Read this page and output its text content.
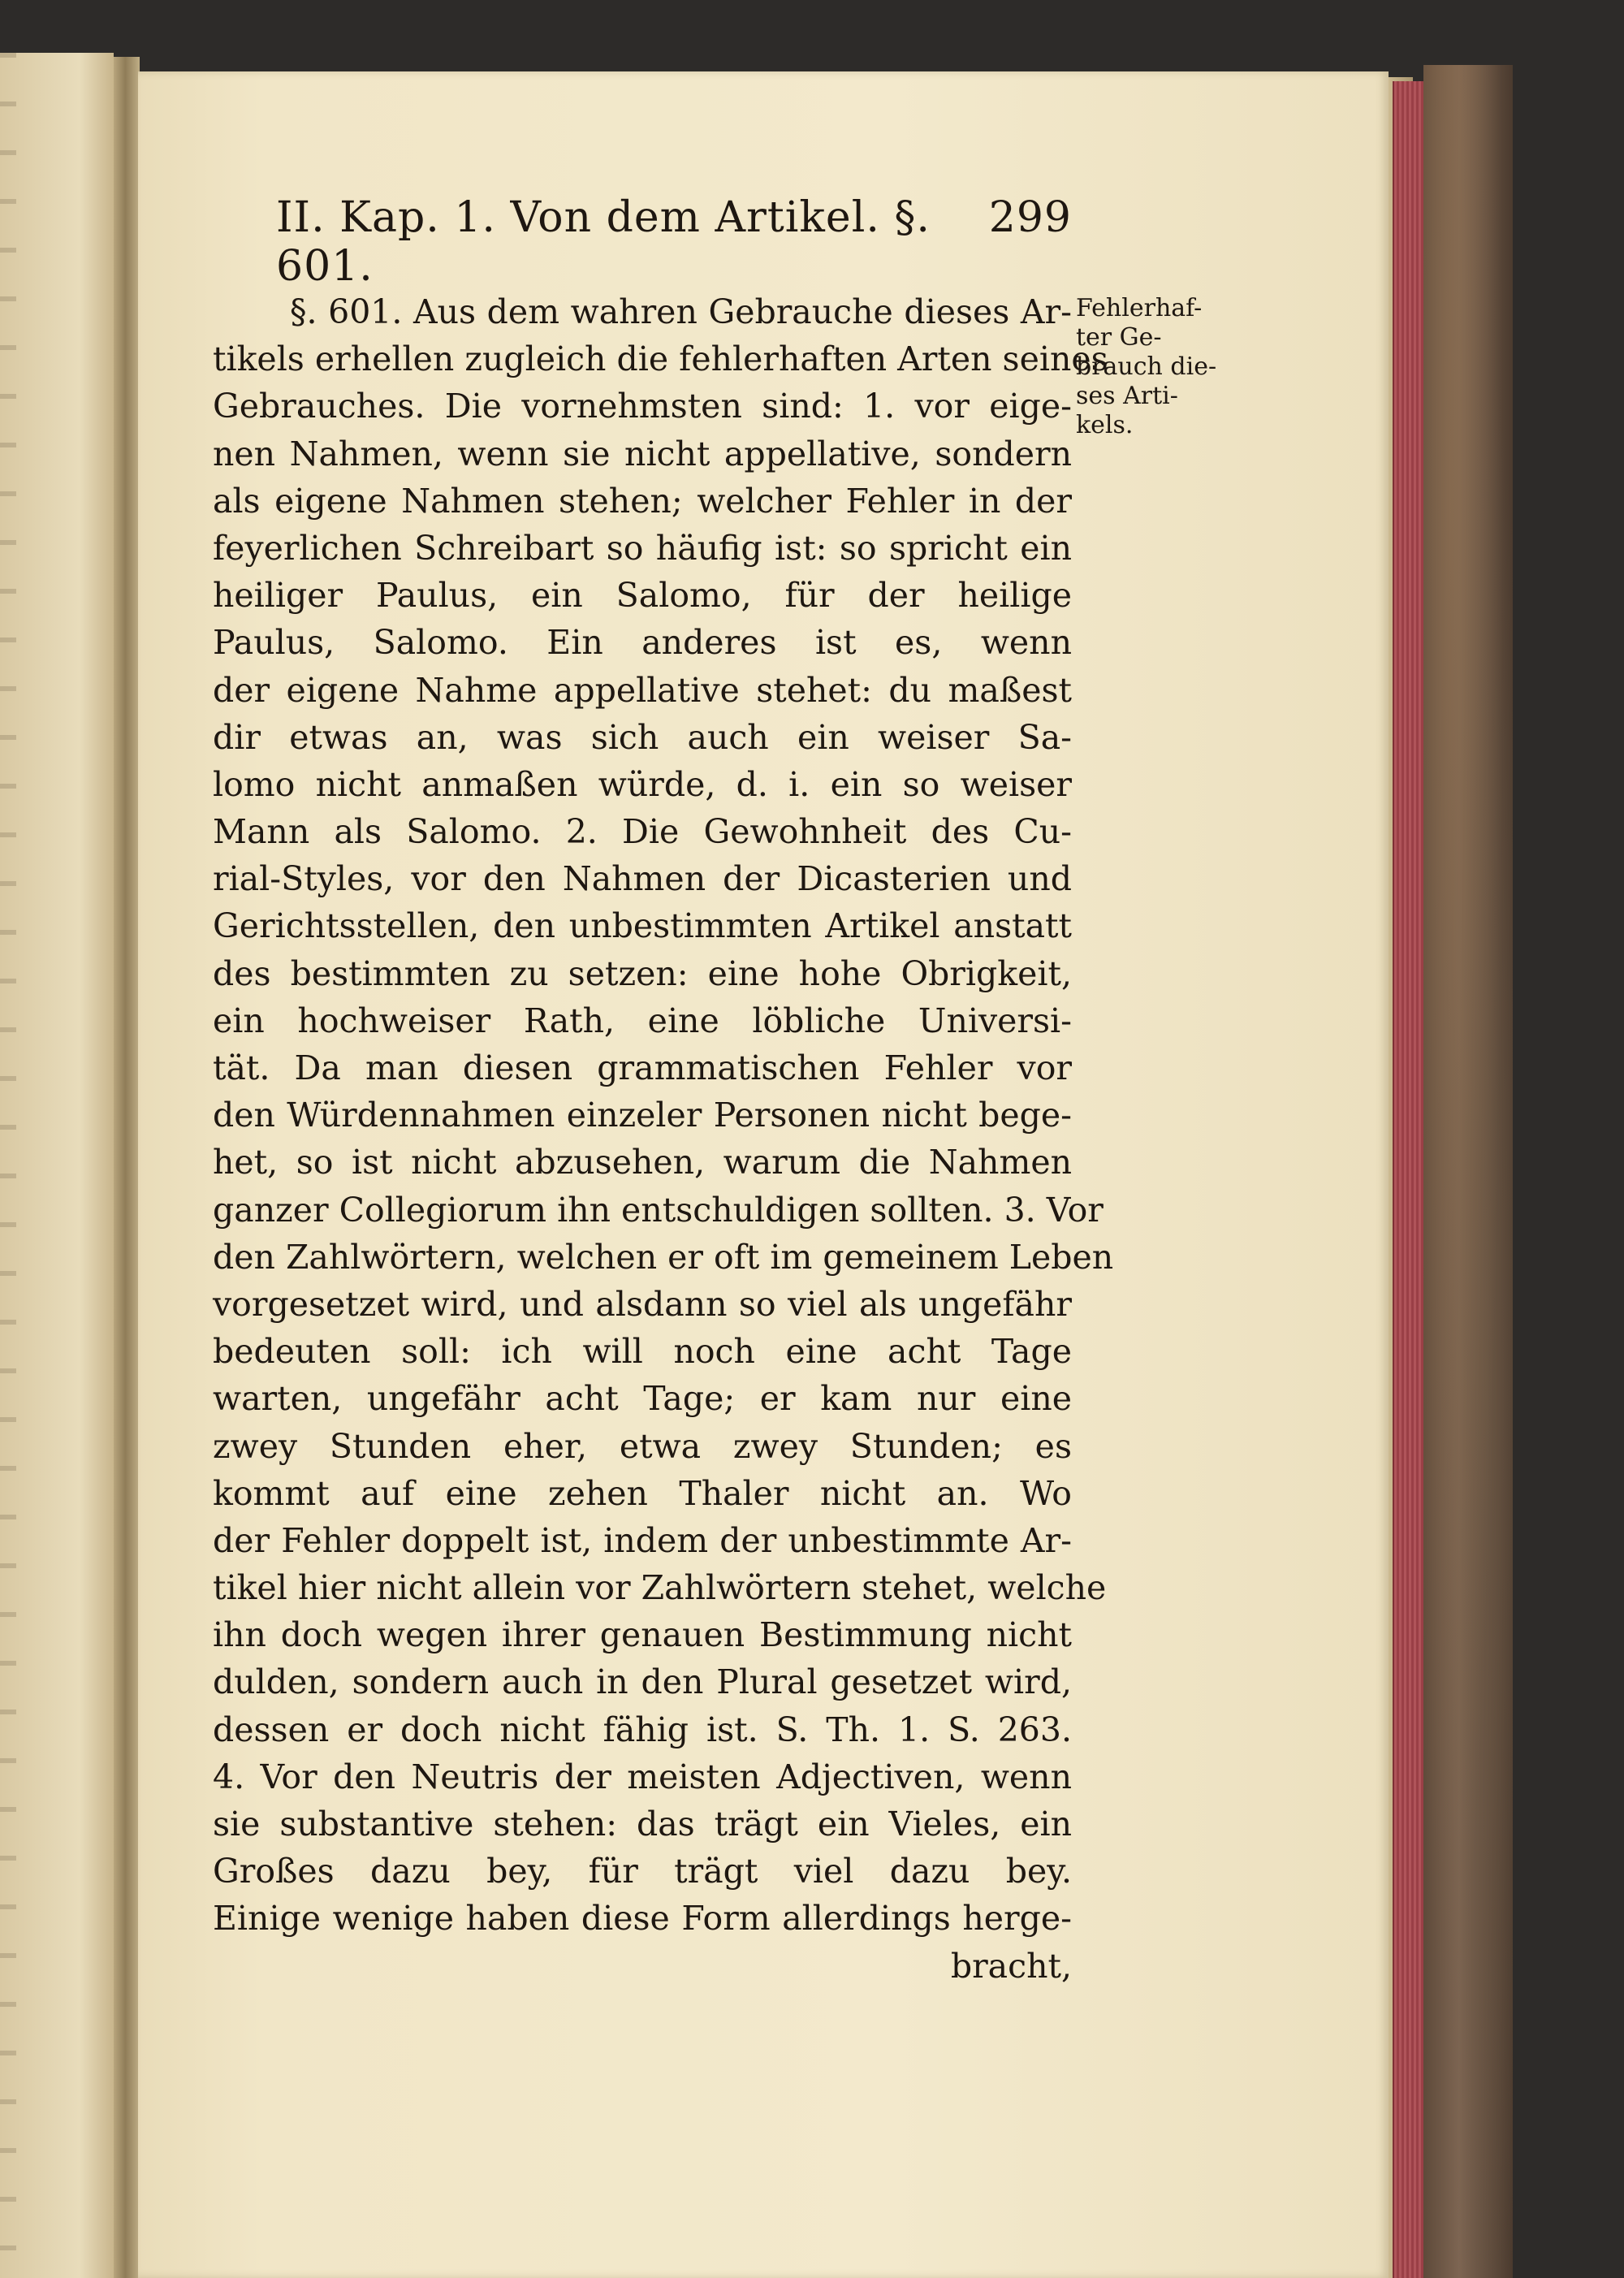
II. Kap. 1. Von dem Artikel. §. 601.
299
Fehlerhaf-
ter Ge-
brauch die-
ses Arti-
kels.
§. 601. Aus dem wahren Gebrauche dieses Ar-
tikels erhellen zugleich die fehlerhaften Arten seines
Gebrauches. Die vornehmsten sind: 1. vor eige-
nen Nahmen, wenn sie nicht appellative, sondern
als eigene Nahmen stehen; welcher Fehler in der
feyerlichen Schreibart so häufig ist: so spricht ein
heiliger Paulus, ein Salomo, für der heilige
Paulus, Salomo. Ein anderes ist es, wenn
der eigene Nahme appellative stehet: du maßest
dir etwas an, was sich auch ein weiser Sa-
lomo nicht anmaßen würde, d. i. ein so weiser
Mann als Salomo. 2. Die Gewohnheit des Cu-
rial-Styles, vor den Nahmen der Dicasterien und
Gerichtsstellen, den unbestimmten Artikel anstatt
des bestimmten zu setzen: eine hohe Obrigkeit,
ein hochweiser Rath, eine löbliche Universi-
tät. Da man diesen grammatischen Fehler vor
den Würdennahmen einzeler Personen nicht bege-
het, so ist nicht abzusehen, warum die Nahmen
ganzer Collegiorum ihn entschuldigen sollten. 3. Vor
den Zahlwörtern, welchen er oft im gemeinem Leben
vorgesetzet wird, und alsdann so viel als ungefähr
bedeuten soll: ich will noch eine acht Tage
warten, ungefähr acht Tage; er kam nur eine
zwey Stunden eher, etwa zwey Stunden; es
kommt auf eine zehen Thaler nicht an. Wo
der Fehler doppelt ist, indem der unbestimmte Ar-
tikel hier nicht allein vor Zahlwörtern stehet, welche
ihn doch wegen ihrer genauen Bestimmung nicht
dulden, sondern auch in den Plural gesetzet wird,
dessen er doch nicht fähig ist. S. Th. 1. S. 263.
4. Vor den Neutris der meisten Adjectiven, wenn
sie substantive stehen: das trägt ein Vieles, ein
Großes dazu bey, für trägt viel dazu bey.
Einige wenige haben diese Form allerdings herge-
bracht,
